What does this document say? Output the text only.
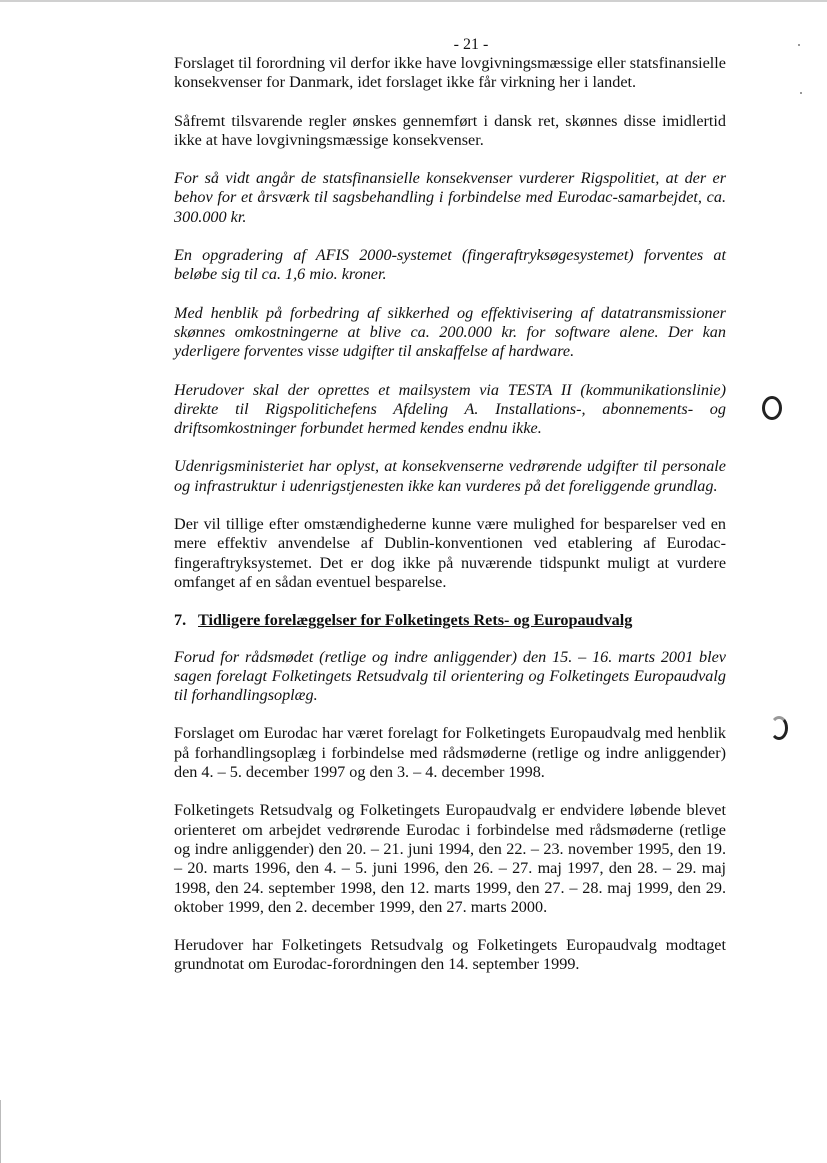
- 21 -

Forslaget til forordning vil derfor ikke have lovgivningsmæssige eller statsfinansielle konsekvenser for Danmark, idet forslaget ikke får virkning her i landet.

Såfremt tilsvarende regler ønskes gennemført i dansk ret, skønnes disse imidlertid ikke at have lovgivningsmæssige konsekvenser.

For så vidt angår de statsfinansielle konsekvenser vurderer Rigspolitiet, at der er behov for et årsværk til sagsbehandling i forbindelse med Eurodac-samarbejdet, ca. 300.000 kr.

En opgradering af AFIS 2000-systemet (fingeraftryksøgesystemet) forventes at beløbe sig til ca. 1,6 mio. kroner.

Med henblik på forbedring af sikkerhed og effektivisering af datatransmissioner skønnes omkostningerne at blive ca. 200.000 kr. for software alene. Der kan yderligere forventes visse udgifter til anskaffelse af hardware.

Herudover skal der oprettes et mailsystem via TESTA II (kommunikationslinie) direkte til Rigspolitichefens Afdeling A. Installations-, abonnements- og driftsomkostninger forbundet hermed kendes endnu ikke.

Udenrigsministeriet har oplyst, at konsekvenserne vedrørende udgifter til personale og infrastruktur i udenrigstjenesten ikke kan vurderes på det foreliggende grundlag.

Der vil tillige efter omstændighederne kunne være mulighed for besparelser ved en mere effektiv anvendelse af Dublin-konventionen ved etablering af Eurodac-fingeraftryksystemet. Det er dog ikke på nuværende tidspunkt muligt at vurdere omfanget af en sådan eventuel besparelse.

7. Tidligere forelæggelser for Folketingets Rets- og Europaudvalg

Forud for rådsmødet (retlige og indre anliggender) den 15. – 16. marts 2001 blev sagen forelagt Folketingets Retsudvalg til orientering og Folketingets Europaudvalg til forhandlingsoplæg.

Forslaget om Eurodac har været forelagt for Folketingets Europaudvalg med henblik på forhandlingsoplæg i forbindelse med rådsmøderne (retlige og indre anliggender) den 4. – 5. december 1997 og den 3. – 4. december 1998.

Folketingets Retsudvalg og Folketingets Europaudvalg er endvidere løbende blevet orienteret om arbejdet vedrørende Eurodac i forbindelse med rådsmøderne (retlige og indre anliggender) den 20. – 21. juni 1994, den 22. – 23. november 1995, den 19. – 20. marts 1996, den 4. – 5. juni 1996, den 26. – 27. maj 1997, den 28. – 29. maj 1998, den 24. september 1998, den 12. marts 1999, den 27. – 28. maj 1999, den 29. oktober 1999, den 2. december 1999, den 27. marts 2000.

Herudover har Folketingets Retsudvalg og Folketingets Europaudvalg modtaget grundnotat om Eurodac-forordningen den 14. september 1999.
